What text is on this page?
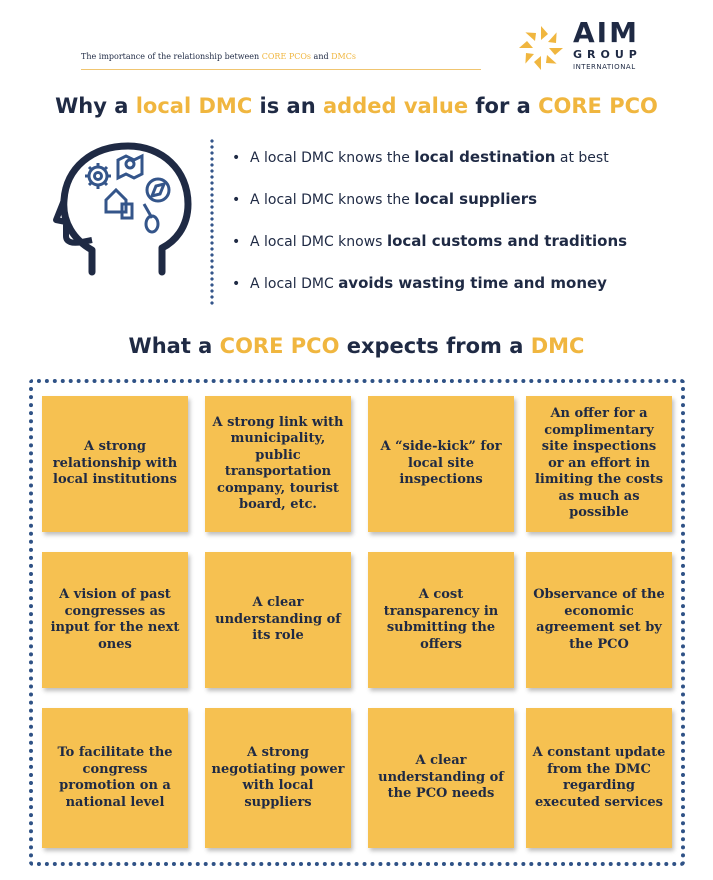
The importance of the relationship between CORE PCOs and DMCs
AIM
GROUP
INTERNATIONAL
Why a local DMC is an added value for a CORE PCO
• A local DMC knows the local destination at best
• A local DMC knows the local suppliers
• A local DMC knows local customs and traditions
• A local DMC avoids wasting time and money
What a CORE PCO expects from a DMC
A strong relationship with local institutions
A strong link with municipality, public transportation company, tourist board, etc.
A “side-kick” for local site inspections
An offer for a complimentary site inspections or an effort in limiting the costs as much as possible
A vision of past congresses as input for the next ones
A clear understanding of its role
A cost transparency in submitting the offers
Observance of the economic agreement set by the PCO
To facilitate the congress promotion on a national level
A strong negotiating power with local suppliers
A clear understanding of the PCO needs
A constant update from the DMC regarding executed services
